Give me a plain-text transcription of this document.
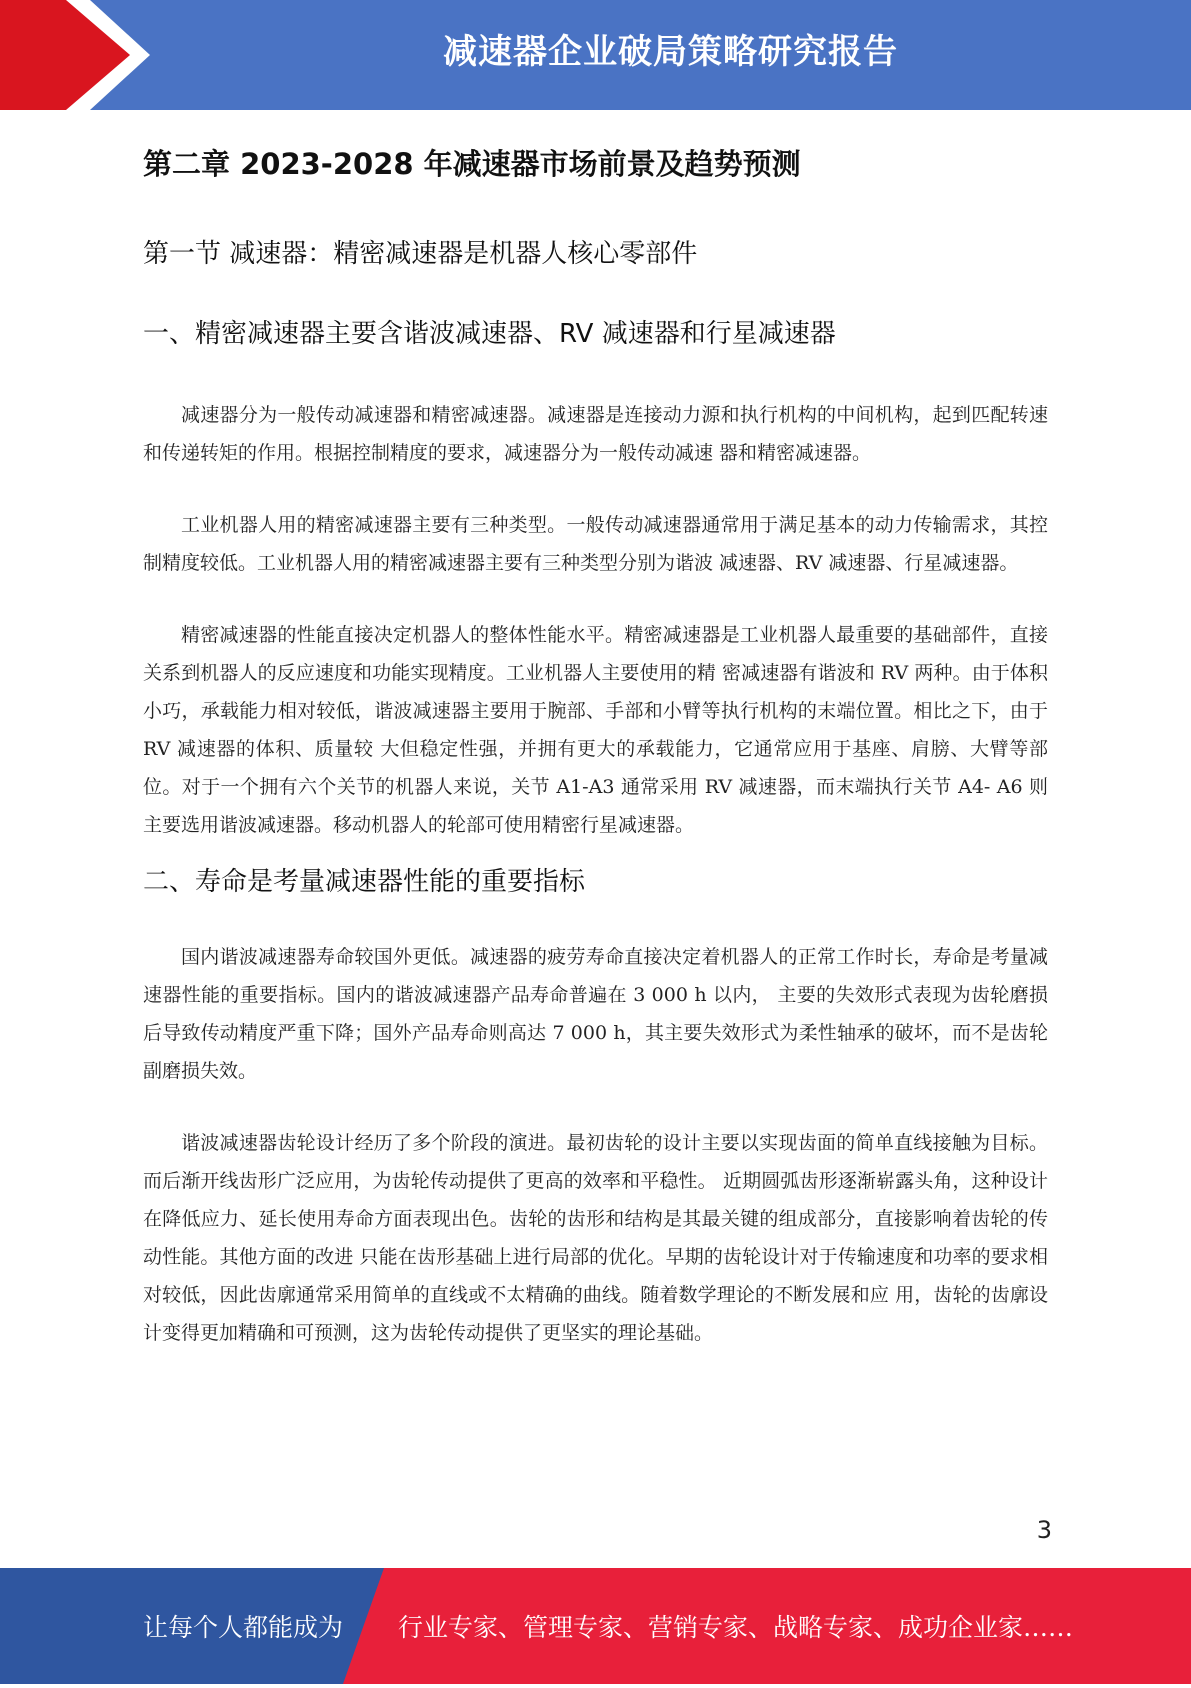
减速器企业破局策略研究报告
第二章 2023-2028 年减速器市场前景及趋势预测
第一节 减速器：精密减速器是机器人核心零部件
一、精密减速器主要含谐波减速器、RV 减速器和行星减速器

减速器分为一般传动减速器和精密减速器。减速器是连接动力源和执行机构的中间机构，起到匹配转速和传递转矩的作用。根据控制精度的要求，减速器分为一般传动减速 器和精密减速器。

工业机器人用的精密减速器主要有三种类型。一般传动减速器通常用于满足基本的动力传输需求，其控制精度较低。工业机器人用的精密减速器主要有三种类型分别为谐波 减速器、RV 减速器、行星减速器。

精密减速器的性能直接决定机器人的整体性能水平。精密减速器是工业机器人最重要的基础部件，直接关系到机器人的反应速度和功能实现精度。工业机器人主要使用的精 密减速器有谐波和 RV 两种。由于体积小巧，承载能力相对较低，谐波减速器主要用于腕部、手部和小臂等执行机构的末端位置。相比之下，由于 RV 减速器的体积、质量较 大但稳定性强，并拥有更大的承载能力，它通常应用于基座、肩膀、大臂等部位。对于一个拥有六个关节的机器人来说，关节 A1-A3 通常采用 RV 减速器，而末端执行关节 A4- A6 则主要选用谐波减速器。移动机器人的轮部可使用精密行星减速器。

二、寿命是考量减速器性能的重要指标

国内谐波减速器寿命较国外更低。减速器的疲劳寿命直接决定着机器人的正常工作时长，寿命是考量减速器性能的重要指标。国内的谐波减速器产品寿命普遍在 3 000 h 以内， 主要的失效形式表现为齿轮磨损后导致传动精度严重下降；国外产品寿命则高达 7 000 h，其主要失效形式为柔性轴承的破坏，而不是齿轮副磨损失效。

谐波减速器齿轮设计经历了多个阶段的演进。最初齿轮的设计主要以实现齿面的简单直线接触为目标。而后渐开线齿形广泛应用，为齿轮传动提供了更高的效率和平稳性。 近期圆弧齿形逐渐崭露头角，这种设计在降低应力、延长使用寿命方面表现出色。齿轮的齿形和结构是其最关键的组成部分，直接影响着齿轮的传动性能。其他方面的改进 只能在齿形基础上进行局部的优化。早期的齿轮设计对于传输速度和功率的要求相对较低，因此齿廓通常采用简单的直线或不太精确的曲线。随着数学理论的不断发展和应 用，齿轮的齿廓设计变得更加精确和可预测，这为齿轮传动提供了更坚实的理论基础。

3
让每个人都能成为 行业专家、管理专家、营销专家、战略专家、成功企业家……
